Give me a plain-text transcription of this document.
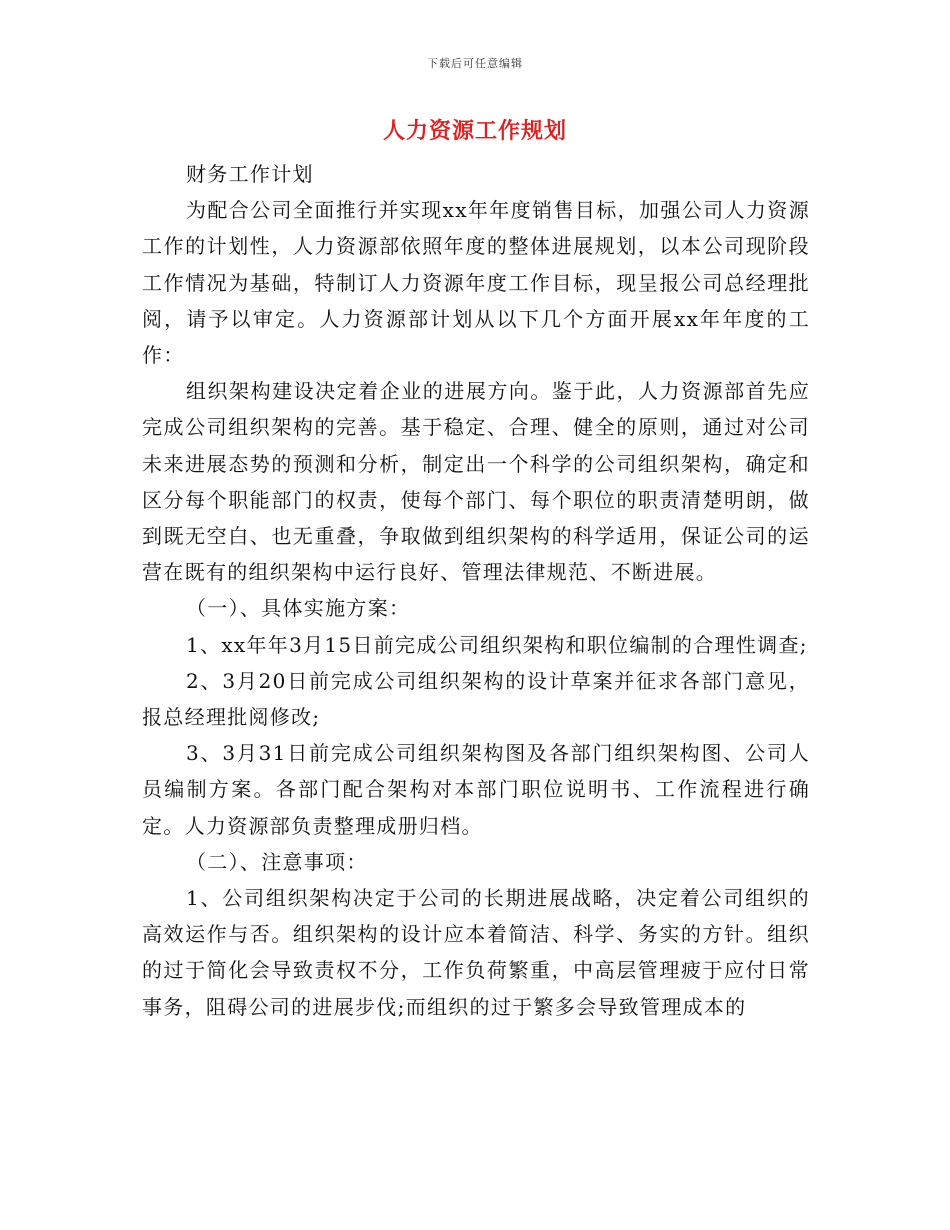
下载后可任意编辑
人力资源工作规划

财务工作计划

为配合公司全面推行并实现xx年年度销售目标，加强公司人力资源工作的计划性，人力资源部依照年度的整体进展规划，以本公司现阶段工作情况为基础，特制订人力资源年度工作目标，现呈报公司总经理批阅，请予以审定。人力资源部计划从以下几个方面开展xx年年度的工作：

组织架构建设决定着企业的进展方向。鉴于此，人力资源部首先应完成公司组织架构的完善。基于稳定、合理、健全的原则，通过对公司未来进展态势的预测和分析，制定出一个科学的公司组织架构，确定和区分每个职能部门的权责，使每个部门、每个职位的职责清楚明朗，做到既无空白、也无重叠，争取做到组织架构的科学适用，保证公司的运营在既有的组织架构中运行良好、管理法律规范、不断进展。

（一）、具体实施方案：

1、xx年年3月15日前完成公司组织架构和职位编制的合理性调查;

2、3月20日前完成公司组织架构的设计草案并征求各部门意见，报总经理批阅修改;

3、3月31日前完成公司组织架构图及各部门组织架构图、公司人员编制方案。各部门配合架构对本部门职位说明书、工作流程进行确定。人力资源部负责整理成册归档。

（二）、注意事项：

1、公司组织架构决定于公司的长期进展战略，决定着公司组织的高效运作与否。组织架构的设计应本着简洁、科学、务实的方针。组织的过于简化会导致责权不分，工作负荷繁重，中高层管理疲于应付日常事务，阻碍公司的进展步伐;而组织的过于繁多会导致管理成本的
